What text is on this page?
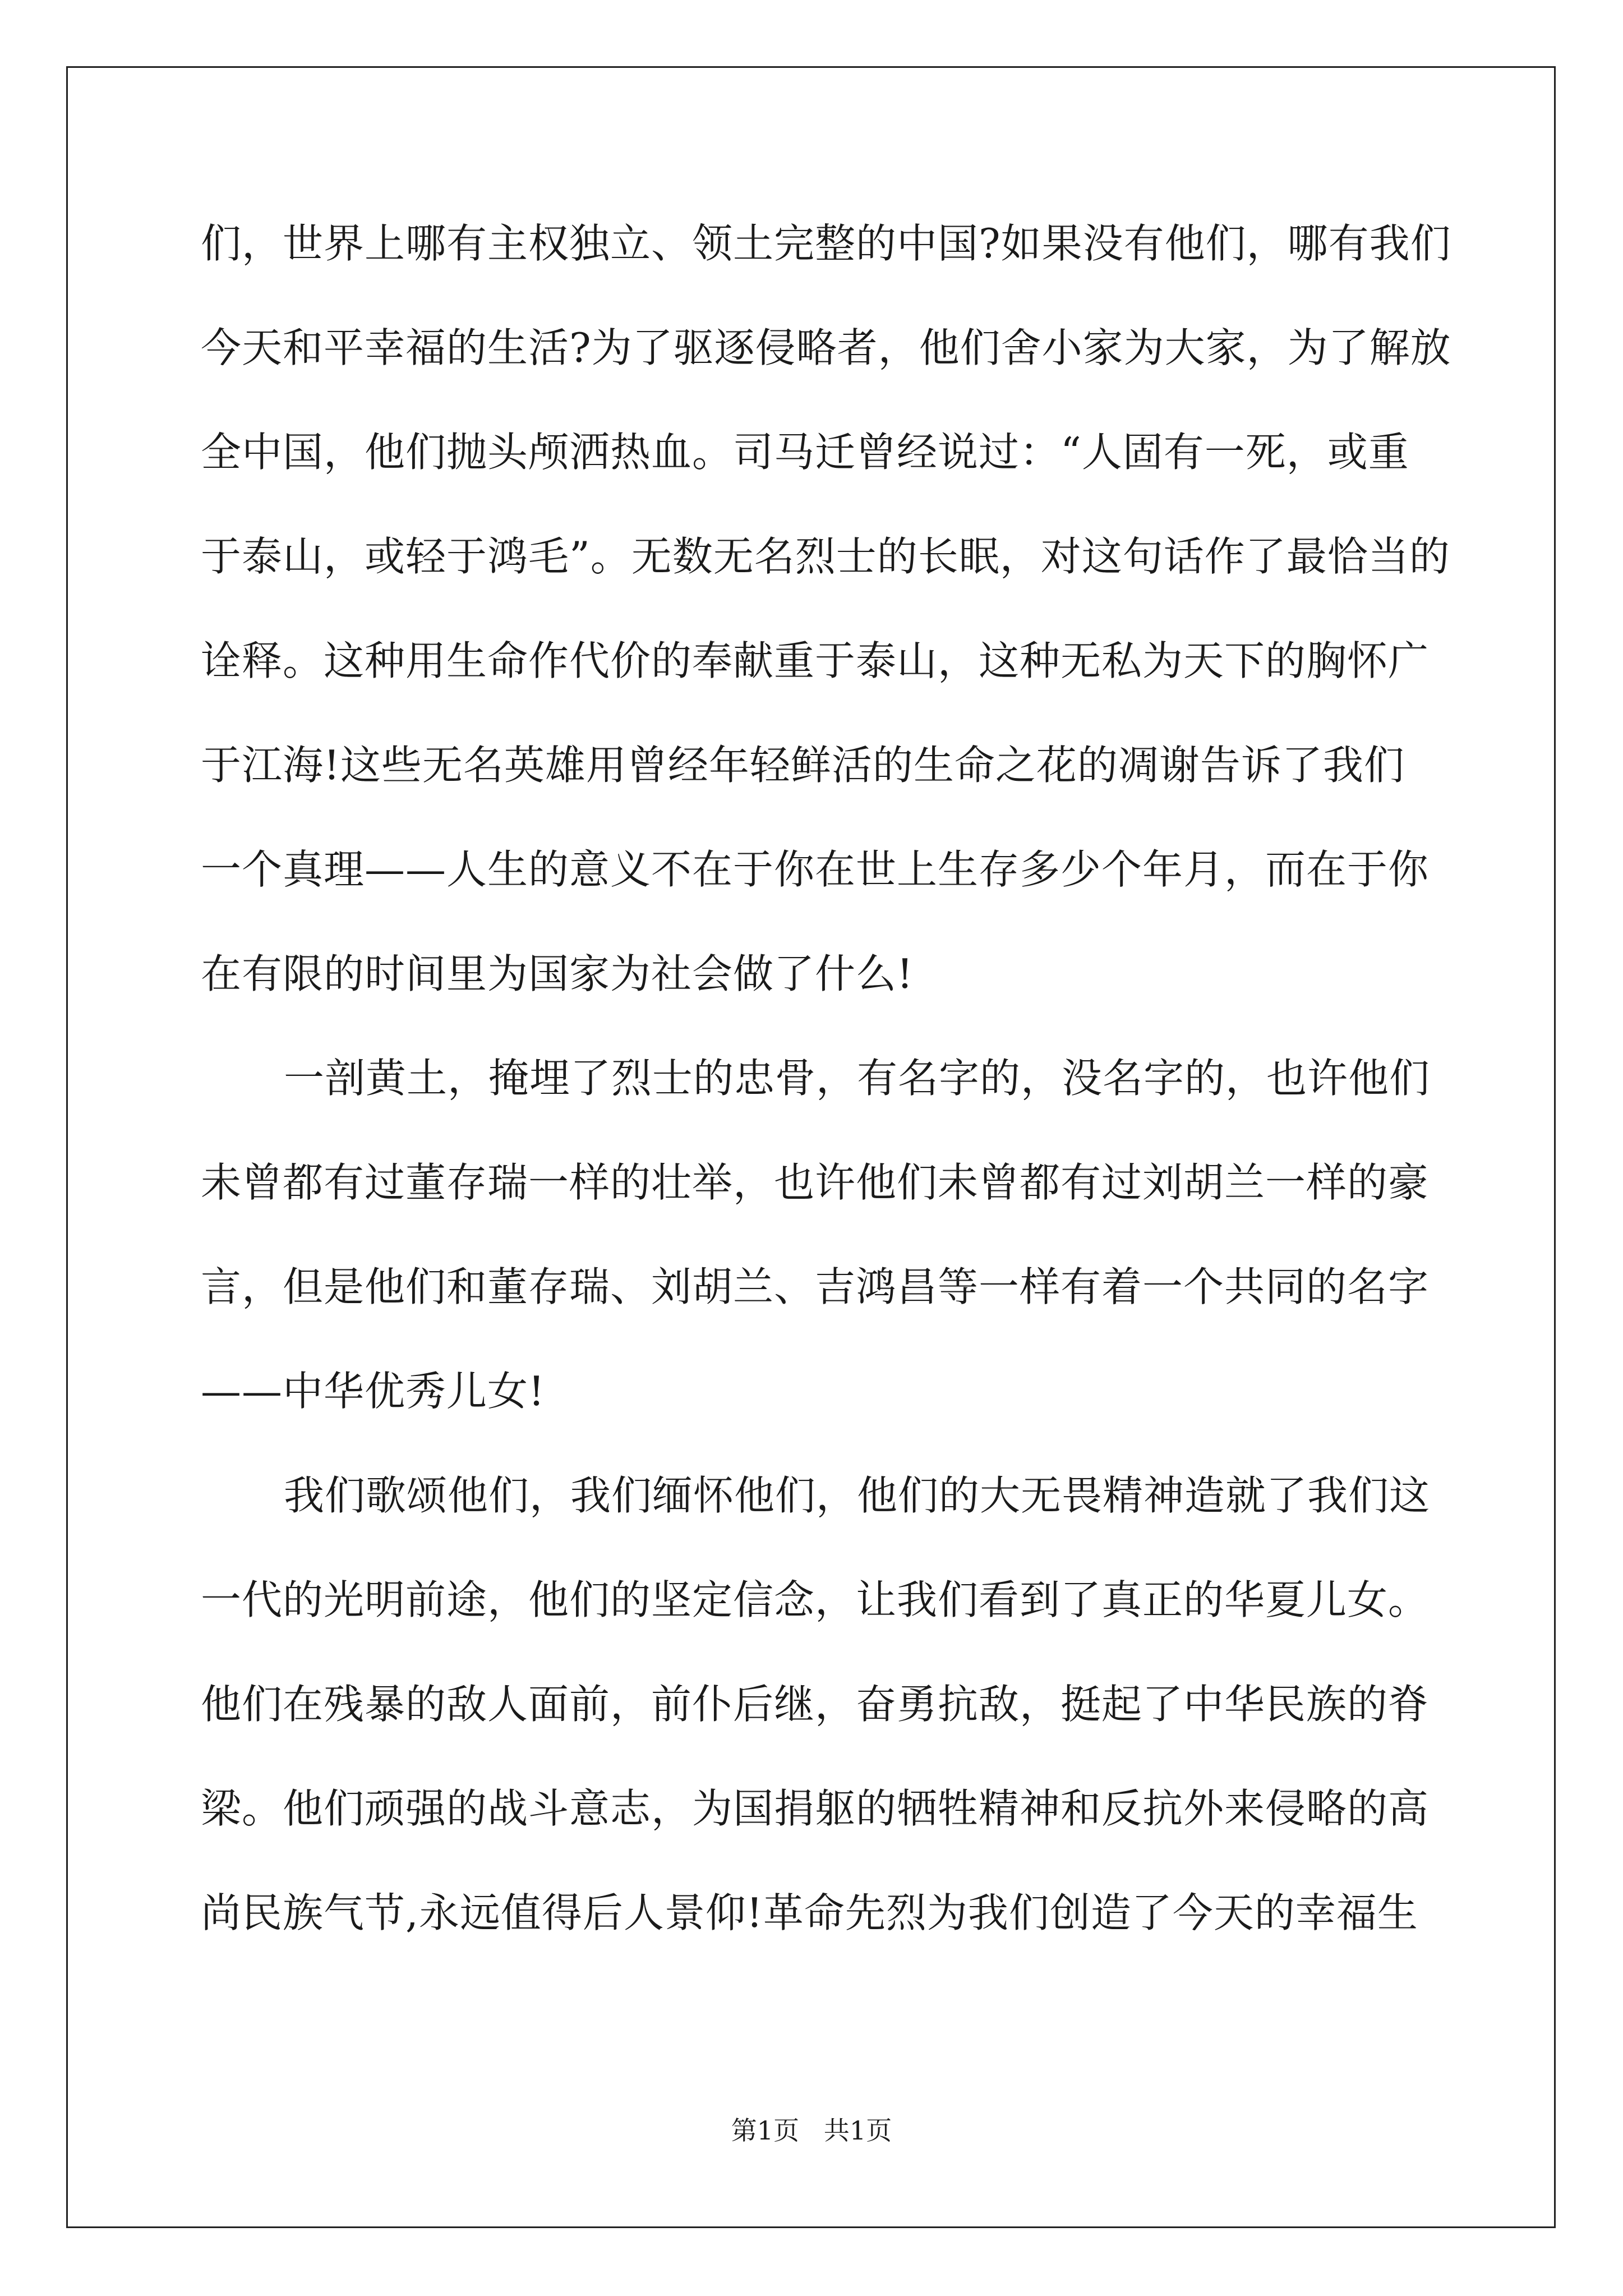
们，世界上哪有主权独立、领土完整的中国?如果没有他们，哪有我们
今天和平幸福的生活?为了驱逐侵略者，他们舍小家为大家，为了解放
全中国，他们抛头颅洒热血。司马迁曾经说过：“人固有一死，或重
于泰山，或轻于鸿毛”。无数无名烈士的长眠，对这句话作了最恰当的
诠释。这种用生命作代价的奉献重于泰山，这种无私为天下的胸怀广
于江海!这些无名英雄用曾经年轻鲜活的生命之花的凋谢告诉了我们
一个真理——人生的意义不在于你在世上生存多少个年月，而在于你
在有限的时间里为国家为社会做了什么!
一剖黄土，掩埋了烈士的忠骨，有名字的，没名字的，也许他们
未曾都有过董存瑞一样的壮举，也许他们未曾都有过刘胡兰一样的豪
言，但是他们和董存瑞、刘胡兰、吉鸿昌等一样有着一个共同的名字
——中华优秀儿女!
我们歌颂他们，我们缅怀他们，他们的大无畏精神造就了我们这
一代的光明前途，他们的坚定信念，让我们看到了真正的华夏儿女。
他们在残暴的敌人面前，前仆后继，奋勇抗敌，挺起了中华民族的脊
梁。他们顽强的战斗意志，为国捐躯的牺牲精神和反抗外来侵略的高
尚民族气节,永远值得后人景仰!革命先烈为我们创造了今天的幸福生
第1页   共1页
